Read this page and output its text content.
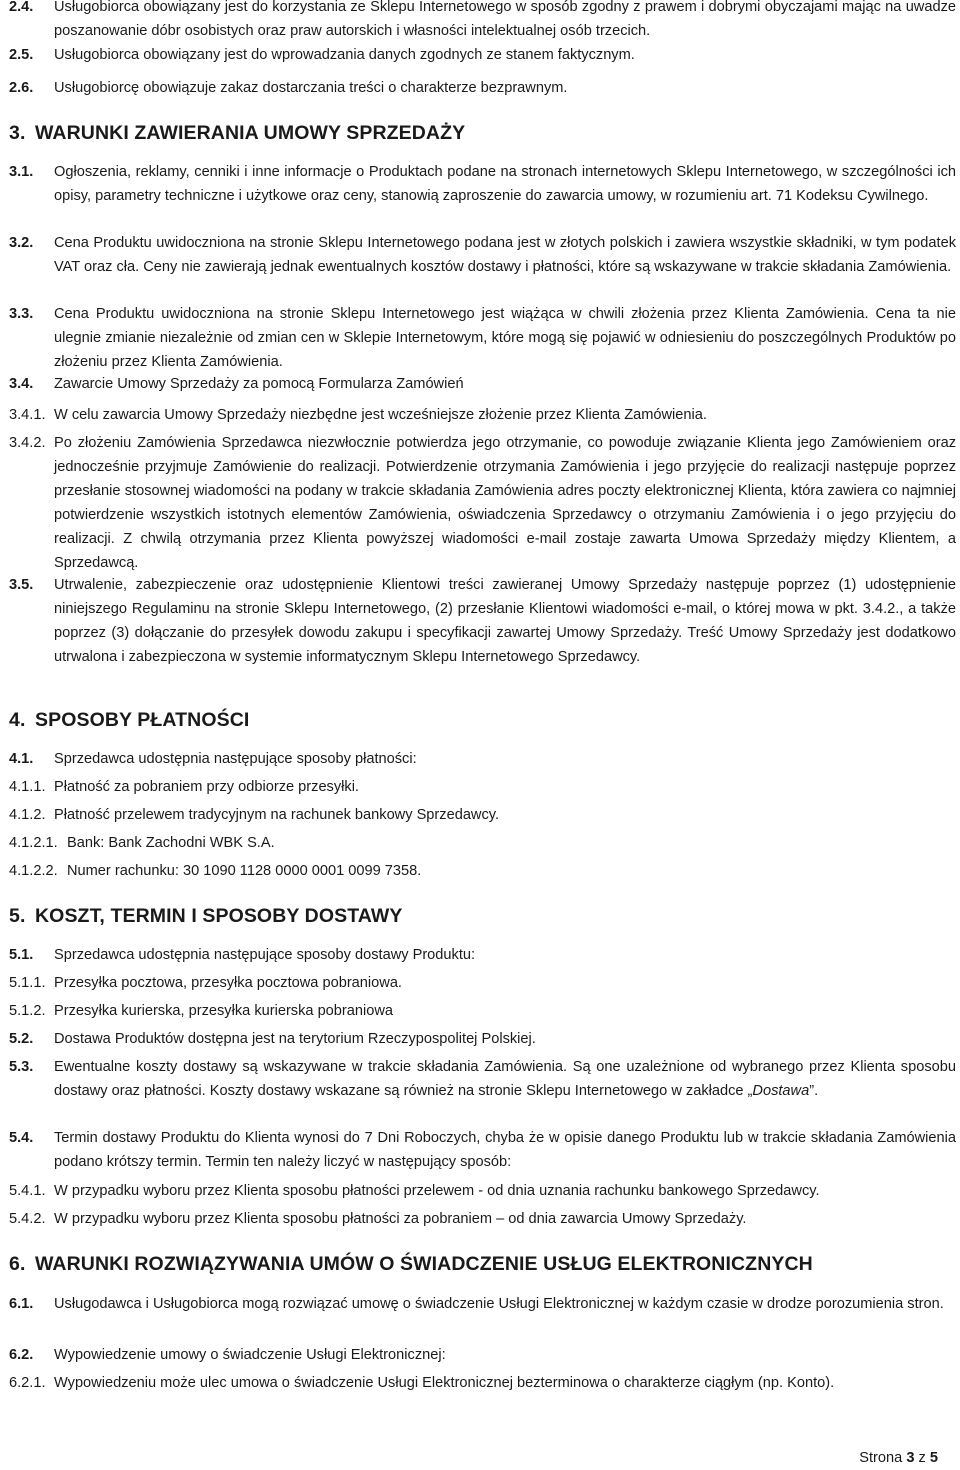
2.4.	Usługobiorca obowiązany jest do korzystania ze Sklepu Internetowego w sposób zgodny z prawem i dobrymi obyczajami mając na uwadze poszanowanie dóbr osobistych oraz praw autorskich i własności intelektualnej osób trzecich.
2.5.	Usługobiorca obowiązany jest do wprowadzania danych zgodnych ze stanem faktycznym.
2.6.	Usługobiorcę obowiązuje zakaz dostarczania treści o charakterze bezprawnym.
3. WARUNKI ZAWIERANIA UMOWY SPRZEDAŻY
3.1.	Ogłoszenia, reklamy, cenniki i inne informacje o Produktach podane na stronach internetowych Sklepu Internetowego, w szczególności ich opisy, parametry techniczne i użytkowe oraz ceny, stanowią zaproszenie do zawarcia umowy, w rozumieniu art. 71 Kodeksu Cywilnego.
3.2.	Cena Produktu uwidoczniona na stronie Sklepu Internetowego podana jest w złotych polskich i zawiera wszystkie składniki, w tym podatek VAT oraz cła. Ceny nie zawierają jednak ewentualnych kosztów dostawy i płatności, które są wskazywane w trakcie składania Zamówienia.
3.3.	Cena Produktu uwidoczniona na stronie Sklepu Internetowego jest wiążąca w chwili złożenia przez Klienta Zamówienia. Cena ta nie ulegnie zmianie niezależnie od zmian cen w Sklepie Internetowym, które mogą się pojawić w odniesieniu do poszczególnych Produktów po złożeniu przez Klienta Zamówienia.
3.4.	Zawarcie Umowy Sprzedaży za pomocą Formularza Zamówień
3.4.1. W celu zawarcia Umowy Sprzedaży niezbędne jest wcześniejsze złożenie przez Klienta Zamówienia.
3.4.2. Po złożeniu Zamówienia Sprzedawca niezwłocznie potwierdza jego otrzymanie, co powoduje związanie Klienta jego Zamówieniem oraz jednocześnie przyjmuje Zamówienie do realizacji. Potwierdzenie otrzymania Zamówienia i jego przyjęcie do realizacji następuje poprzez przesłanie stosownej wiadomości na podany w trakcie składania Zamówienia adres poczty elektronicznej Klienta, która zawiera co najmniej potwierdzenie wszystkich istotnych elementów Zamówienia, oświadczenia Sprzedawcy o otrzymaniu Zamówienia i o jego przyjęciu do realizacji. Z chwilą otrzymania przez Klienta powyższej wiadomości e-mail zostaje zawarta Umowa Sprzedaży między Klientem, a Sprzedawcą.
3.5.	Utrwalenie, zabezpieczenie oraz udostępnienie Klientowi treści zawieranej Umowy Sprzedaży następuje poprzez (1) udostępnienie niniejszego Regulaminu na stronie Sklepu Internetowego, (2) przesłanie Klientowi wiadomości e-mail, o której mowa w pkt. 3.4.2., a także poprzez (3) dołączanie do przesyłek dowodu zakupu i specyfikacji zawartej Umowy Sprzedaży. Treść Umowy Sprzedaży jest dodatkowo utrwalona i zabezpieczona w systemie informatycznym Sklepu Internetowego Sprzedawcy.
4. SPOSOBY PŁATNOŚCI
4.1.	Sprzedawca udostępnia następujące sposoby płatności:
4.1.1. Płatność za pobraniem przy odbiorze przesyłki.
4.1.2. Płatność przelewem tradycyjnym na rachunek bankowy Sprzedawcy.
4.1.2.1. Bank: Bank Zachodni WBK S.A.
4.1.2.2. Numer rachunku: 30 1090 1128 0000 0001 0099 7358.
5. KOSZT, TERMIN I SPOSOBY DOSTAWY
5.1.	Sprzedawca udostępnia następujące sposoby dostawy Produktu:
5.1.1. Przesyłka pocztowa, przesyłka pocztowa pobraniowa.
5.1.2. Przesyłka kurierska, przesyłka kurierska pobraniowa
5.2.	Dostawa Produktów dostępna jest na terytorium Rzeczypospolitej Polskiej.
5.3.	Ewentualne koszty dostawy są wskazywane w trakcie składania Zamówienia. Są one uzależnione od wybranego przez Klienta sposobu dostawy oraz płatności. Koszty dostawy wskazane są również na stronie Sklepu Internetowego w zakładce „Dostawa”.
5.4.	Termin dostawy Produktu do Klienta wynosi do 7 Dni Roboczych, chyba że w opisie danego Produktu lub w trakcie składania Zamówienia podano krótszy termin. Termin ten należy liczyć w następujący sposób:
5.4.1. W przypadku wyboru przez Klienta sposobu płatności przelewem - od dnia uznania rachunku bankowego Sprzedawcy.
5.4.2. W przypadku wyboru przez Klienta sposobu płatności za pobraniem – od dnia zawarcia Umowy Sprzedaży.
6. WARUNKI ROZWIĄZYWANIA UMÓW O ŚWIADCZENIE USŁUG ELEKTRONICZNYCH
6.1.	Usługodawca i Usługobiorca mogą rozwiązać umowę o świadczenie Usługi Elektronicznej w każdym czasie w drodze porozumienia stron.
6.2.	Wypowiedzenie umowy o świadczenie Usługi Elektronicznej:
6.2.1. Wypowiedzeniu może ulec umowa o świadczenie Usługi Elektronicznej bezterminowa o charakterze ciągłym (np. Konto).
Strona 3 z 5
